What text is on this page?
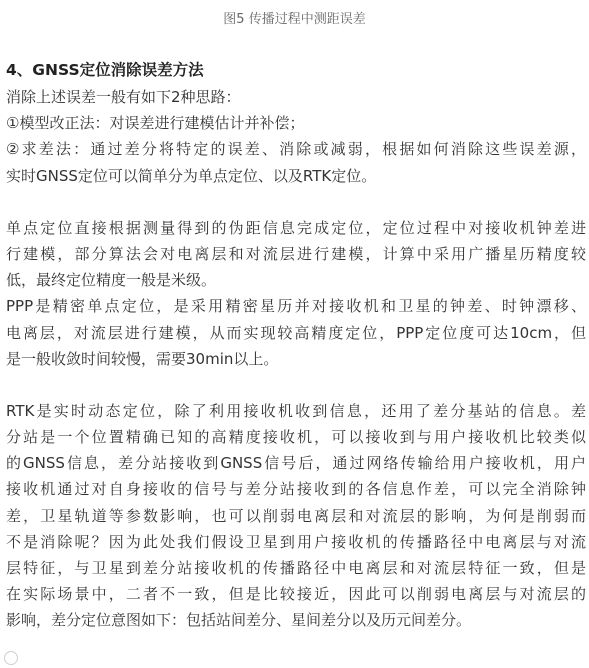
图5 传播过程中测距误差
4、GNSS定位消除误差方法
消除上述误差一般有如下2种思路：
①模型改正法：对误差进行建模估计并补偿；
②求差法：通过差分将特定的误差、消除或减弱，根据如何消除这些误差源，
实时GNSS定位可以简单分为单点定位、以及RTK定位。
单点定位直接根据测量得到的伪距信息完成定位，定位过程中对接收机钟差进
行建模，部分算法会对电离层和对流层进行建模，计算中采用广播星历精度较
低，最终定位精度一般是米级。
PPP是精密单点定位，是采用精密星历并对接收机和卫星的钟差、时钟漂移、
电离层，对流层进行建模，从而实现较高精度定位，PPP定位度可达10cm，但
是一般收敛时间较慢，需要30min以上。
RTK是实时动态定位，除了利用接收机收到信息，还用了差分基站的信息。差
分站是一个位置精确已知的高精度接收机，可以接收到与用户接收机比较类似
的GNSS信息，差分站接收到GNSS信号后，通过网络传输给用户接收机，用户
接收机通过对自身接收的信号与差分站接收到的各信息作差，可以完全消除钟
差，卫星轨道等参数影响，也可以削弱电离层和对流层的影响，为何是削弱而
不是消除呢？因为此处我们假设卫星到用户接收机的传播路径中电离层与对流
层特征，与卫星到差分站接收机的传播路径中电离层和对流层特征一致，但是
在实际场景中，二者不一致，但是比较接近，因此可以削弱电离层与对流层的
影响，差分定位意图如下：包括站间差分、星间差分以及历元间差分。
